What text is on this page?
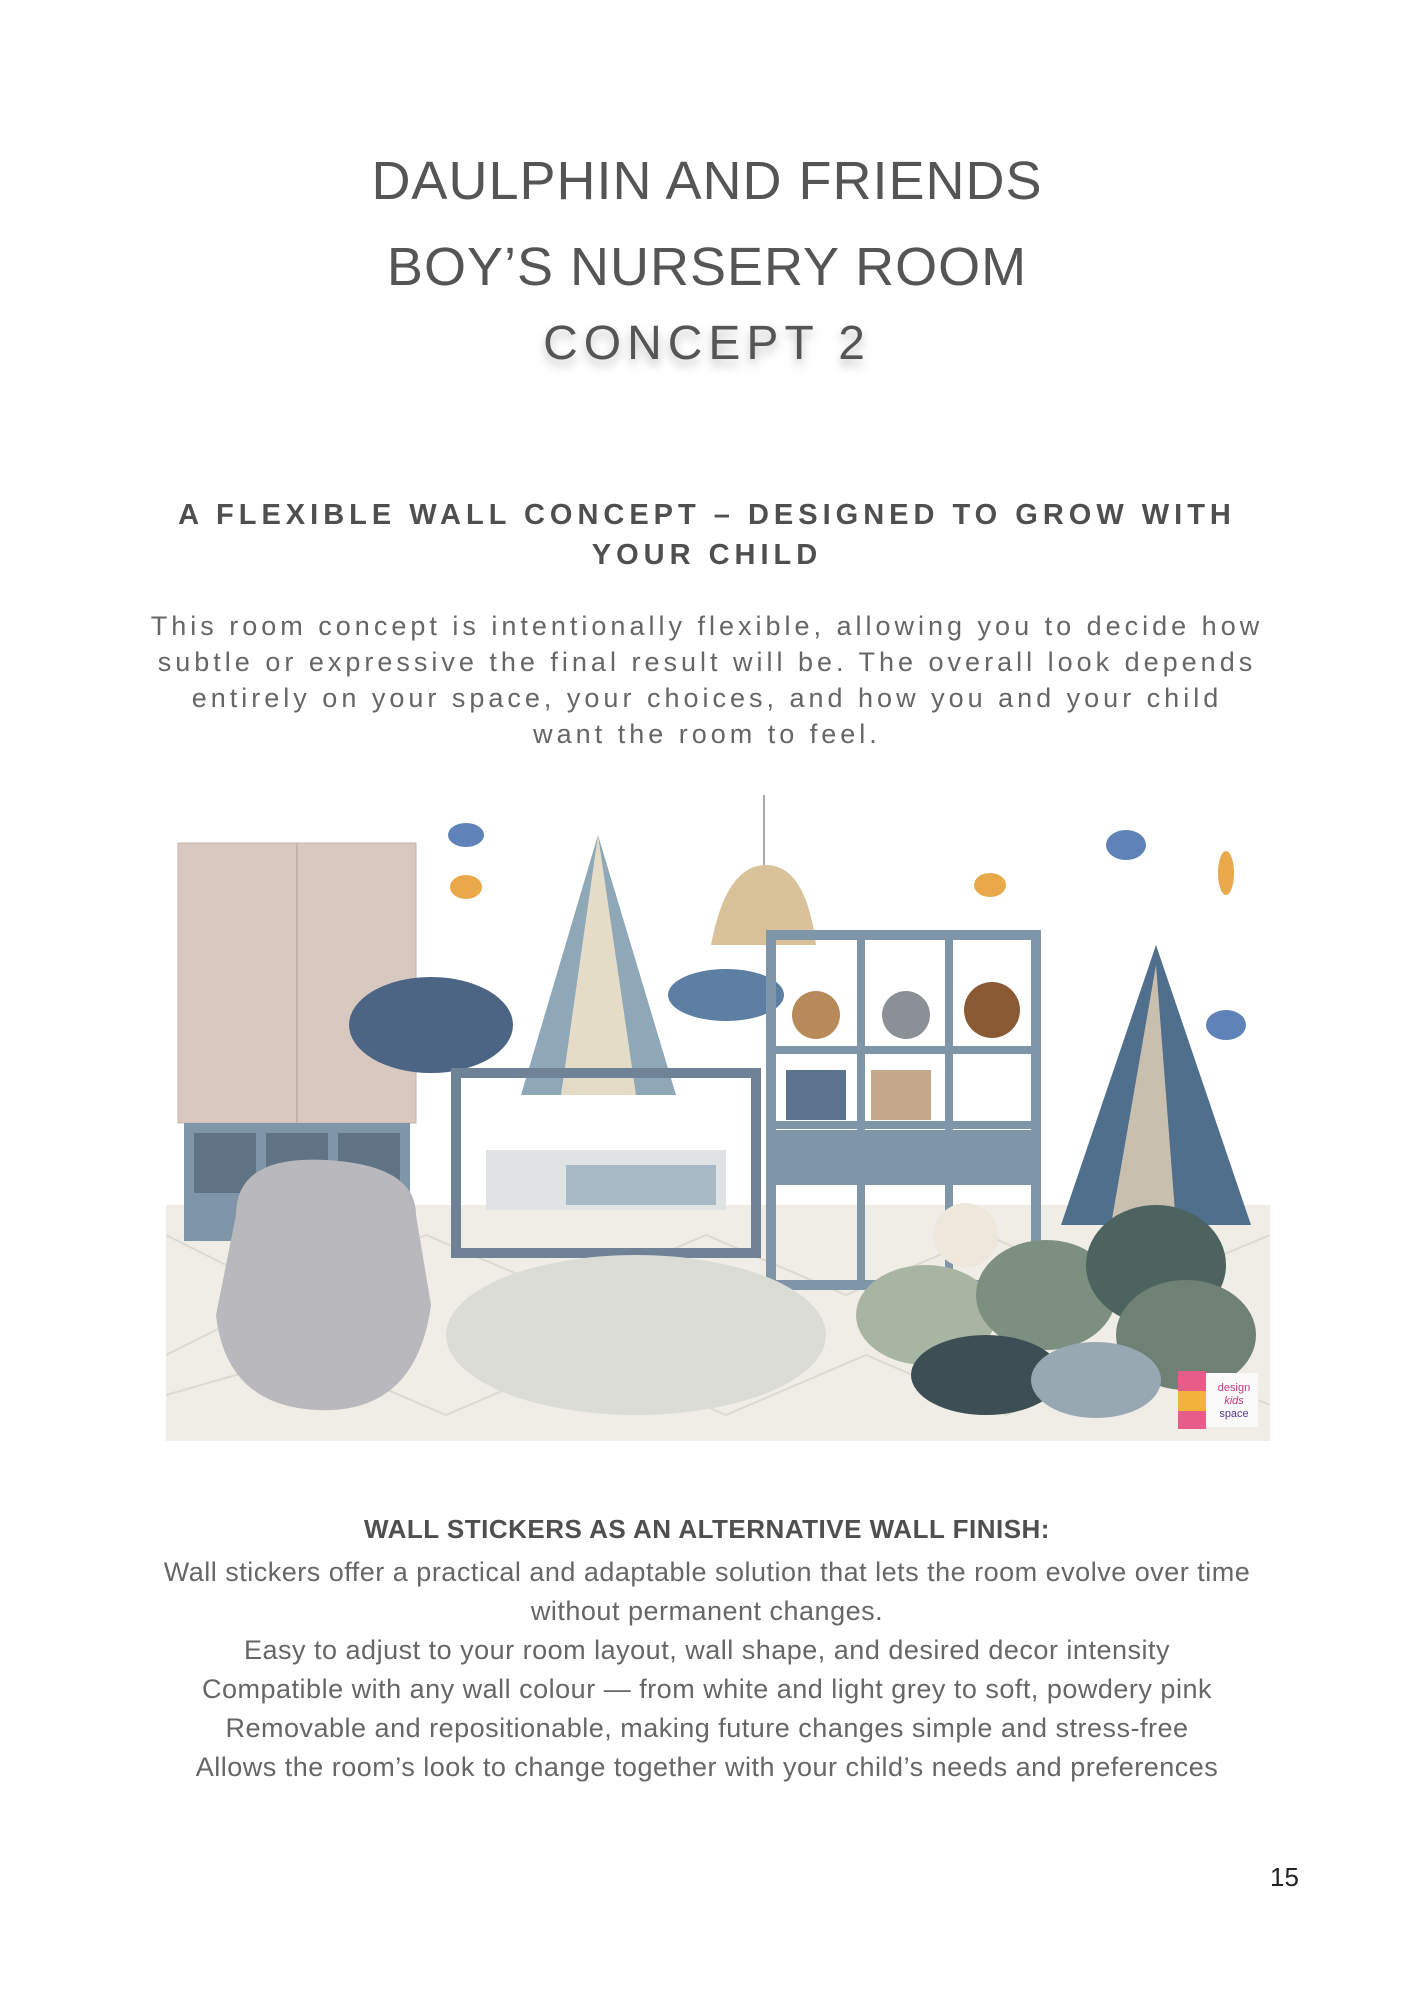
DAULPHIN AND FRIENDS

BOY’S NURSERY ROOM

CONCEPT 2

A FLEXIBLE WALL CONCEPT – DESIGNED TO GROW WITH YOUR CHILD

This room concept is intentionally flexible, allowing you to decide how subtle or expressive the final result will be. The overall look depends entirely on your space, your choices, and how you and your child want the room to feel.

design
kids
space
WALL STICKERS AS AN ALTERNATIVE WALL FINISH:

Wall stickers offer a practical and adaptable solution that lets the room evolve over time without permanent changes.

Easy to adjust to your room layout, wall shape, and desired decor intensity

Compatible with any wall colour — from white and light grey to soft, powdery pink

Removable and repositionable, making future changes simple and stress-free

Allows the room’s look to change together with your child’s needs and preferences

15
